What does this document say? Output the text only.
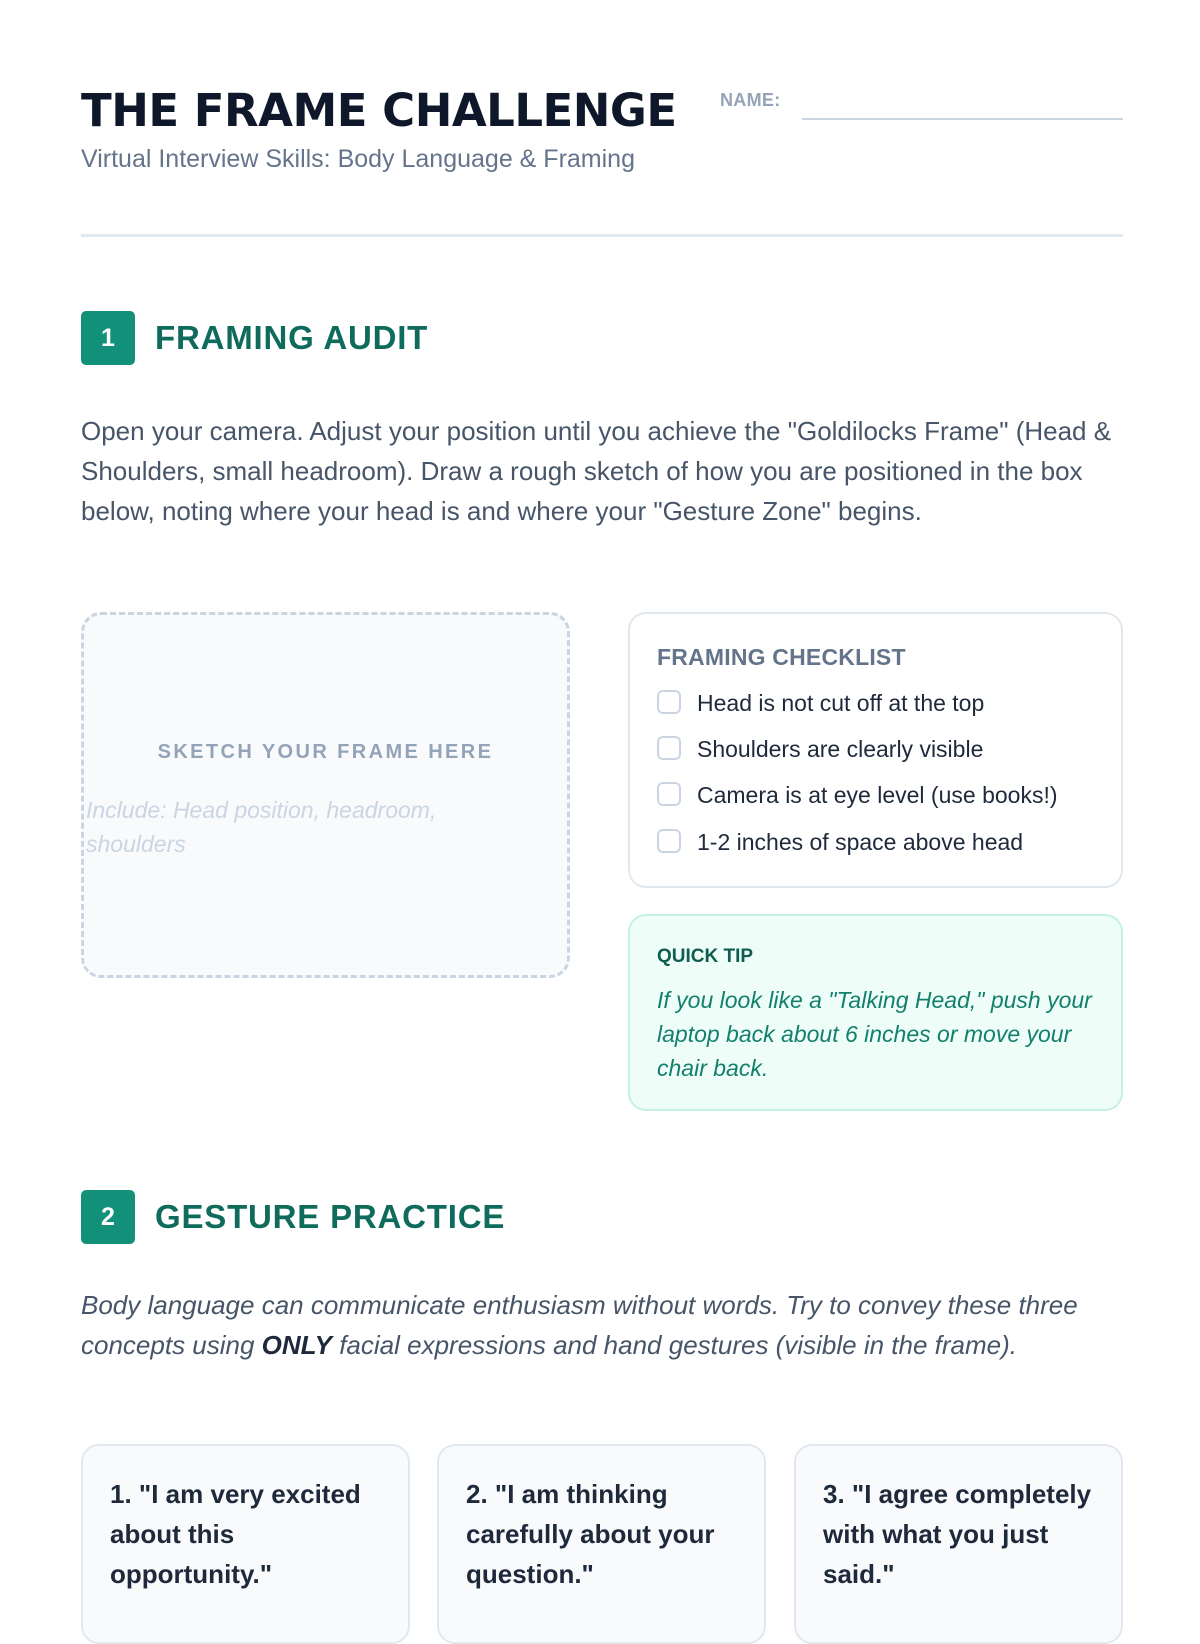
THE FRAME CHALLENGE NAME:
Virtual Interview Skills: Body Language & Framing
1	FRAMING AUDIT

Open your camera. Adjust your position until you achieve the "Goldilocks Frame" (Head & Shoulders, small headroom). Draw a rough sketch of how you are positioned in the box below, noting where your head is and where your "Gesture Zone" begins.

SKETCH YOUR FRAME HERE
Include: Head position, headroom, shoulders
FRAMING CHECKLIST
Head is not cut off at the top
Shoulders are clearly visible
Camera is at eye level (use books!)
1-2 inches of space above head
QUICK TIP
If you look like a "Talking Head," push your laptop back about 6 inches or move your chair back.
2	GESTURE PRACTICE

Body language can communicate enthusiasm without words. Try to convey these three concepts using ONLY facial expressions and hand gestures (visible in the frame).

1. "I am very excited about this opportunity."
2. "I am thinking carefully about your question."
3. "I agree completely with what you just said."
